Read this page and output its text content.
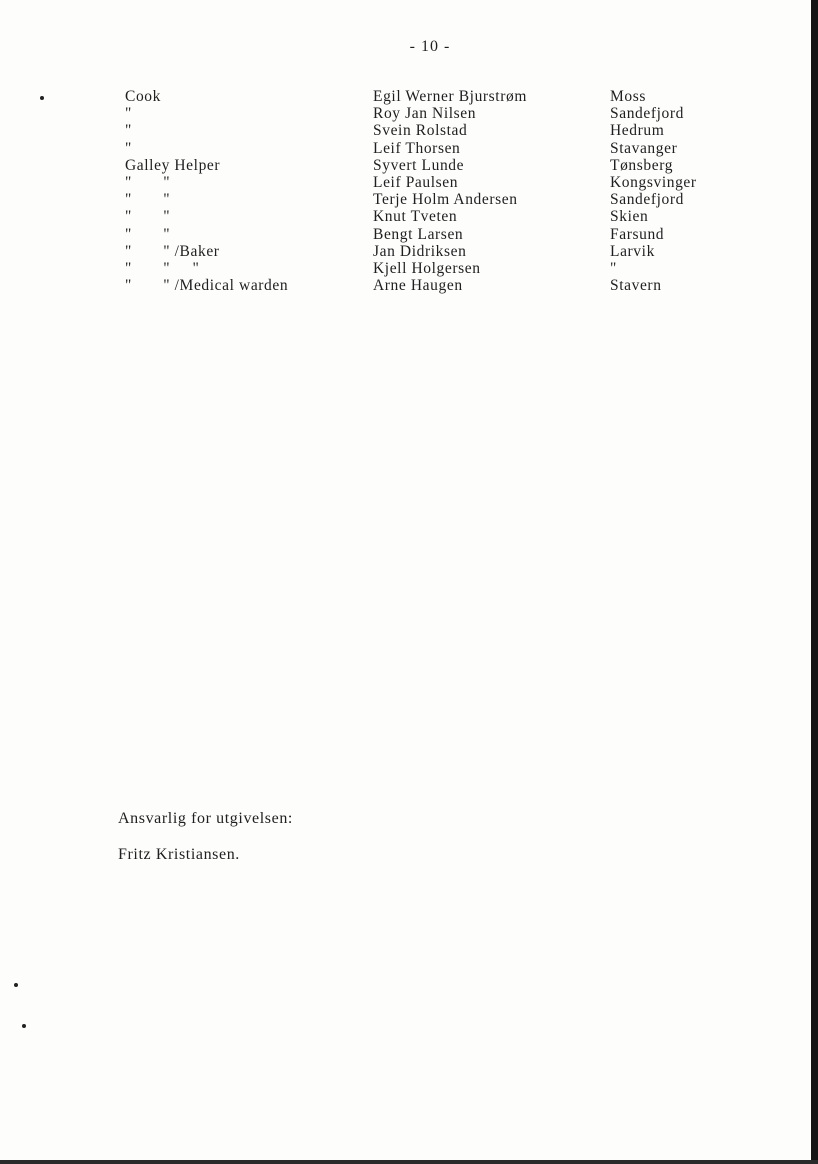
- 10 -
Cook	Egil Werner Bjurstrøm	Moss
"	Roy Jan Nilsen	Sandefjord
"	Svein Rolstad	Hedrum
"	Leif Thorsen	Stavanger
Galley Helper	Syvert Lunde	Tønsberg
"       "	Leif Paulsen	Kongsvinger
"       "	Terje Holm Andersen	Sandefjord
"       "	Knut Tveten	Skien
"       "	Bengt Larsen	Farsund
"       " /Baker	Jan Didriksen	Larvik
"       "     "	Kjell Holgersen	"
"       " /Medical warden	Arne Haugen	Stavern
Ansvarlig for utgivelsen:
Fritz Kristiansen.
